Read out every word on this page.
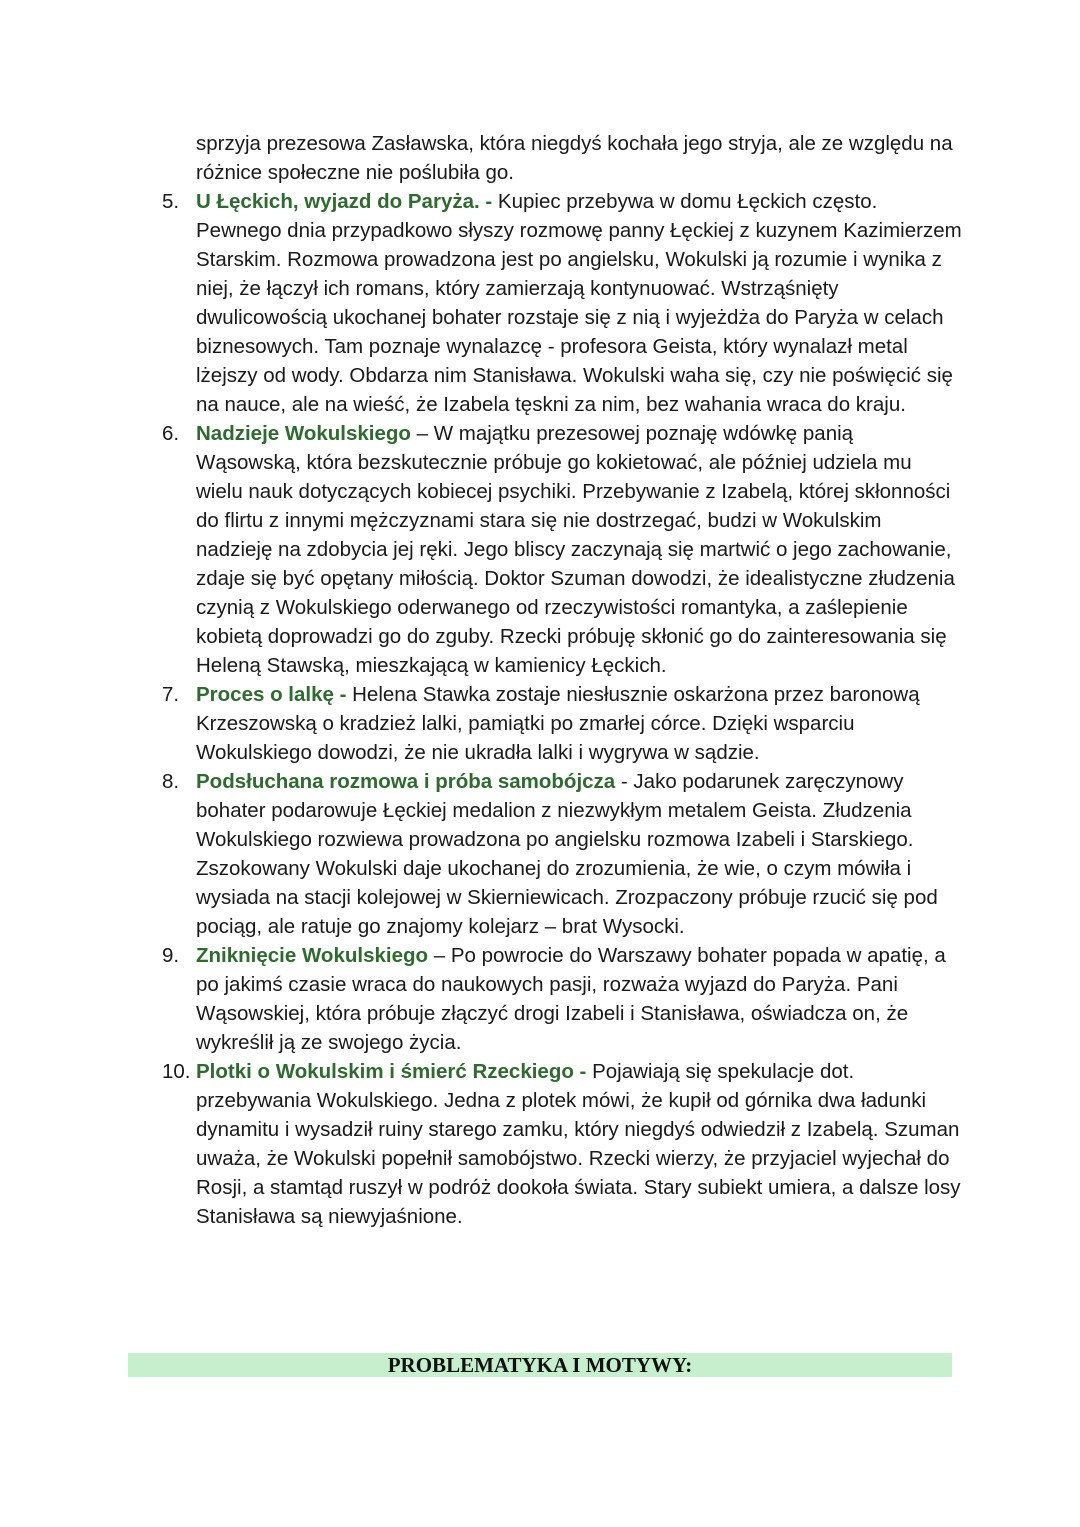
sprzyja prezesowa Zasławska, która niegdyś kochała jego stryja, ale ze względu na różnice społeczne nie poślubiła go.
5. U Łęckich, wyjazd do Paryża. - Kupiec przebywa w domu Łęckich często. Pewnego dnia przypadkowo słyszy rozmowę panny Łęckiej z kuzynem Kazimierzem Starskim. Rozmowa prowadzona jest po angielsku, Wokulski ją rozumie i wynika z niej, że łączył ich romans, który zamierzają kontynuować. Wstrząśnięty dwulicowością ukochanej bohater rozstaje się z nią i wyjeżdża do Paryża w celach biznesowych. Tam poznaje wynalazcę - profesora Geista, który wynalazł metal lżejszy od wody. Obdarza nim Stanisława. Wokulski waha się, czy nie poświęcić się na nauce, ale na wieść, że Izabela tęskni za nim, bez wahania wraca do kraju.
6. Nadzieje Wokulskiego – W majątku prezesowej poznaję wdówkę panią Wąsowską, która bezskutecznie próbuje go kokietować, ale później udziela mu wielu nauk dotyczących kobiecej psychiki. Przebywanie z Izabelą, której skłonności do flirtu z innymi mężczyznami stara się nie dostrzegać, budzi w Wokulskim nadzieję na zdobycia jej ręki. Jego bliscy zaczynają się martwić o jego zachowanie, zdaje się być opętany miłością. Doktor Szuman dowodzi, że idealistyczne złudzenia czynią z Wokulskiego oderwanego od rzeczywistości romantyka, a zaślepienie kobietą doprowadzi go do zguby. Rzecki próbuję skłonić go do zainteresowania się Heleną Stawską, mieszkającą w kamienicy Łęckich.
7. Proces o lalkę - Helena Stawka zostaje niesłusznie oskarżona przez baronową Krzeszowską o kradzież lalki, pamiątki po zmarłej córce. Dzięki wsparciu Wokulskiego dowodzi, że nie ukradła lalki i wygrywa w sądzie.
8. Podsłuchana rozmowa i próba samobójcza - Jako podarunek zaręczynowy bohater podarowuje Łęckiej medalion z niezwykłym metalem Geista. Złudzenia Wokulskiego rozwiewa prowadzona po angielsku rozmowa Izabeli i Starskiego. Zszokowany Wokulski daje ukochanej do zrozumienia, że wie, o czym mówiła i wysiada na stacji kolejowej w Skierniewicach. Zrozpaczony próbuje rzucić się pod pociąg, ale ratuje go znajomy kolejarz – brat Wysocki.
9. Zniknięcie Wokulskiego – Po powrocie do Warszawy bohater popada w apatię, a po jakimś czasie wraca do naukowych pasji, rozważa wyjazd do Paryża. Pani Wąsowskiej, która próbuje złączyć drogi Izabeli i Stanisława, oświadcza on, że wykreślił ją ze swojego życia.
10. Plotki o Wokulskim i śmierć Rzeckiego - Pojawiają się spekulacje dot. przebywania Wokulskiego. Jedna z plotek mówi, że kupił od górnika dwa ładunki dynamitu i wysadził ruiny starego zamku, który niegdyś odwiedził z Izabelą. Szuman uważa, że Wokulski popełnił samobójstwo. Rzecki wierzy, że przyjaciel wyjechał do Rosji, a stamtąd ruszył w podróż dookoła świata. Stary subiekt umiera, a dalsze losy Stanisława są niewyjaśnione.
PROBLEMATYKA I MOTYWY:
